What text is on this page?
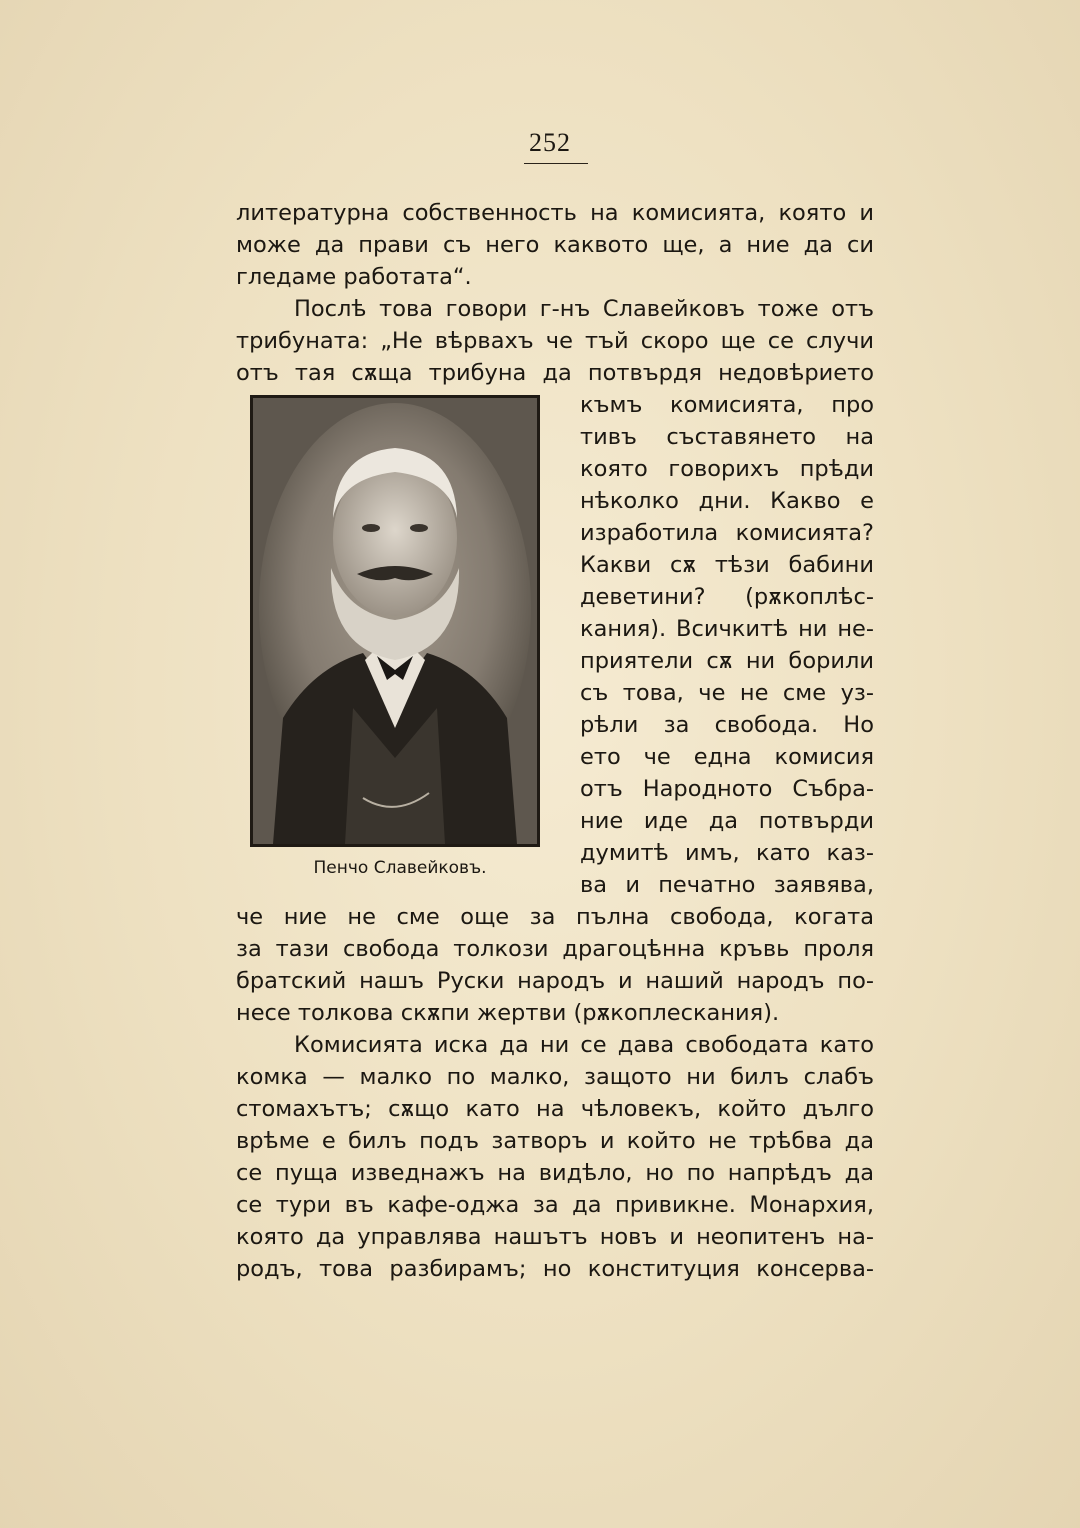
252
литературна собственность на комисията, която и
може да прави съ него каквото ще, а ние да си
гледаме работата“.
Послѣ това говори г-нъ Славейковъ тоже отъ
трибуната: „Не вѣрвахъ че тъй скоро ще се случи
отъ тая сѫща трибуна да потвърдя недовѣрието
Пенчо Славейковъ.
къмъ комисията, про
тивъ съставянето на
която говорихъ прѣди
нѣколко дни. Какво е
изработила комисията?
Какви сѫ тѣзи бабини
деветини? (рѫкоплѣс-
кания). Всичкитѣ ни не-
приятели сѫ ни борили
съ това, че не сме уз-
рѣли за свобода. Но
ето че една комисия
отъ Народното Събра-
ние иде да потвърди
думитѣ имъ, като каз-
ва и печатно заявява,
че ние не сме още за пълна свобода, когата
за тази свобода толкози драгоцѣнна кръвь проля
братский нашъ Руски народъ и наший народъ по-
несе толкова скѫпи жертви (рѫкоплескания).
Комисията иска да ни се дава свободата като
комка — малко по малко, защото ни билъ слабъ
стомахътъ; сѫщо като на чѣловекъ, който дълго
врѣме е билъ подъ затворъ и който не трѣбва да
се пуща изведнажъ на видѣло, но по напрѣдъ да
се тури въ кафе-оджа за да привикне. Монархия,
която да управлява нашътъ новъ и неопитенъ на-
родъ, това разбирамъ; но конституция консерва-
